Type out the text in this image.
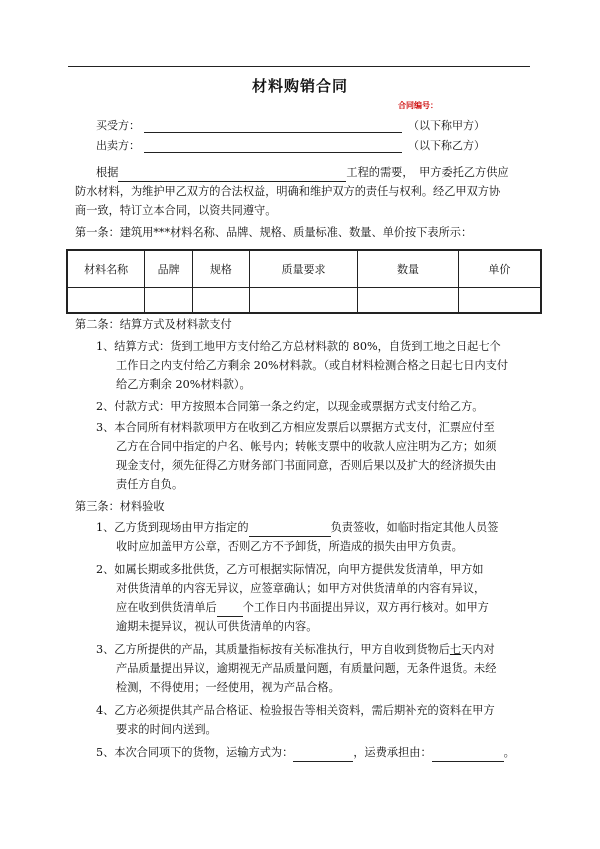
材料购销合同
合同编号：
买受方：	（以下称甲方）
出卖方：	（以下称乙方）
根据	工程的需要，　甲方委托乙方供应
防水材料，为维护甲乙双方的合法权益，明确和维护双方的责任与权利。经乙甲双方协
商一致，特订立本合同，以资共同遵守。
第一条：建筑用***材料名称、品牌、规格、质量标准、数量、单价按下表所示：
材料名称	品牌	规格	质量要求	数量	单价

第二条：结算方式及材料款支付
1、结算方式：货到工地甲方支付给乙方总材料款的 80%，自货到工地之日起七个
工作日之内支付给乙方剩余 20%材料款。（或自材料检测合格之日起七日内支付
给乙方剩余 20%材料款）。
2、付款方式：甲方按照本合同第一条之约定，以现金或票据方式支付给乙方。
3、本合同所有材料款项甲方在收到乙方相应发票后以票据方式支付，汇票应付至
乙方在合同中指定的户名、帐号内；转帐支票中的收款人应注明为乙方；如须
现金支付，须先征得乙方财务部门书面同意，否则后果以及扩大的经济损失由
责任方自负。
第三条：材料验收
1、乙方货到现场由甲方指定的	负责签收，如临时指定其他人员签
收时应加盖甲方公章，否则乙方不予卸货，所造成的损失由甲方负责。
2、如属长期或多批供货，乙方可根据实际情况，向甲方提供发货清单，甲方如
对供货清单的内容无异议，应签章确认；如甲方对供货清单的内容有异议，
应在收到供货清单后 个工作日内书面提出异议，双方再行核对。如甲方
逾期未提异议，视认可供货清单的内容。
3、乙方所提供的产品，其质量指标按有关标准执行，甲方自收到货物后七天内对
产品质量提出异议，逾期视无产品质量问题，有质量问题，无条件退货。未经
检测，不得使用；一经使用，视为产品合格。
4、乙方必须提供其产品合格证、检验报告等相关资料，需后期补充的资料在甲方
要求的时间内送到。
5、本次合同项下的货物，运输方式为：	，运费承担由：	。
